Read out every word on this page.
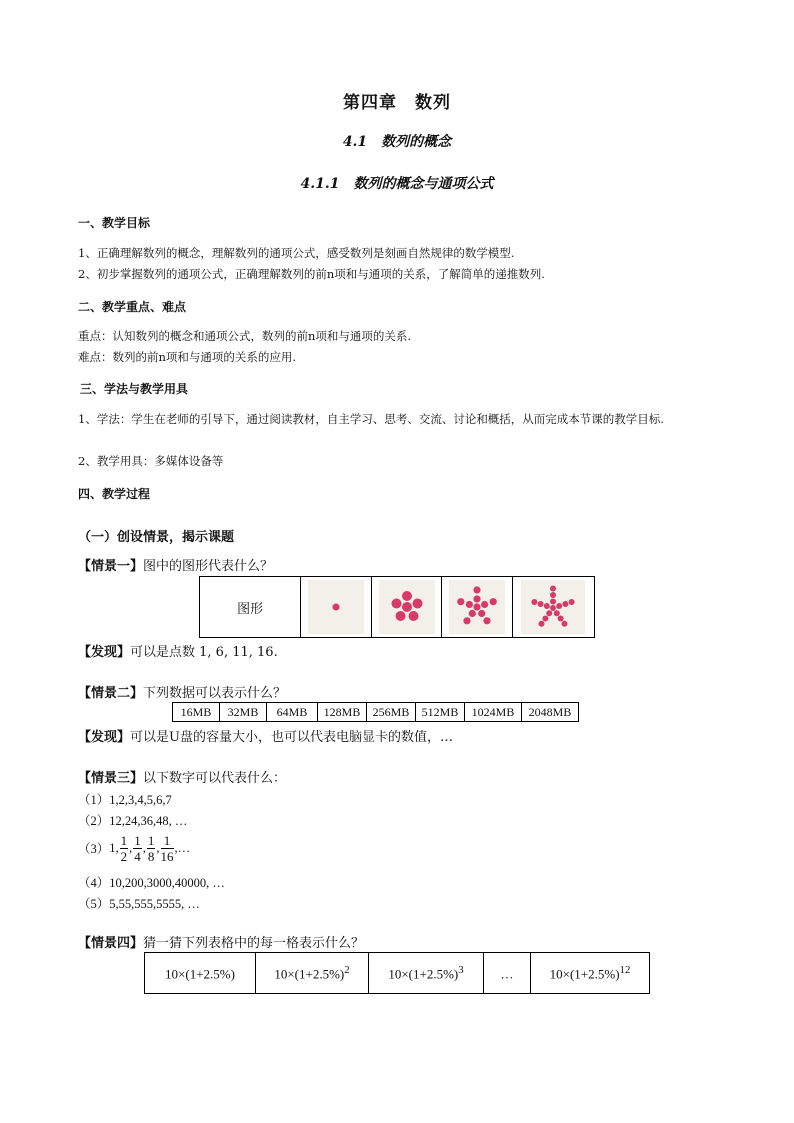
第四章　数列
4.1　数列的概念
4.1.1　数列的概念与通项公式
一、教学目标
1、正确理解数列的概念，理解数列的通项公式，感受数列是刻画自然规律的数学模型.
2、初步掌握数列的通项公式，正确理解数列的前n项和与通项的关系，了解简单的递推数列.
二、教学重点、难点
重点：认知数列的概念和通项公式，数列的前n项和与通项的关系.
难点：数列的前n项和与通项的关系的应用.
三、学法与教学用具
1、学法：学生在老师的引导下，通过阅读教材，自主学习、思考、交流、讨论和概括，从而完成本节课的教学目标.
2、教学用具：多媒体设备等
四、教学过程
（一）创设情景，揭示课题
【情景一】图中的图形代表什么？
图形	

【发现】可以是点数 1, 6, 11, 16.
【情景二】下列数据可以表示什么？
16MB	32MB	64MB	128MB	256MB	512MB	1024MB	2048MB
【发现】可以是U盘的容量大小，也可以代表电脑显卡的数值，…
【情景三】以下数字可以代表什么：
（1）1,2,3,4,5,6,7
（2）12,24,36,48, …
（3） 1, $\frac{1}{2}$ , $\frac{1}{4}$ , $\frac{1}{8}$ , $\frac{1}{16}$ ,…
（4）10,200,3000,40000, …
（5）5,55,555,5555, …
【情景四】猜一猜下列表格中的每一格表示什么？
10×(1+2.5%)	$10\times(1+2.5\%)^2$	$10\times(1+2.5\%)^3$	…	$10\times(1+2.5\%)^{12}$
